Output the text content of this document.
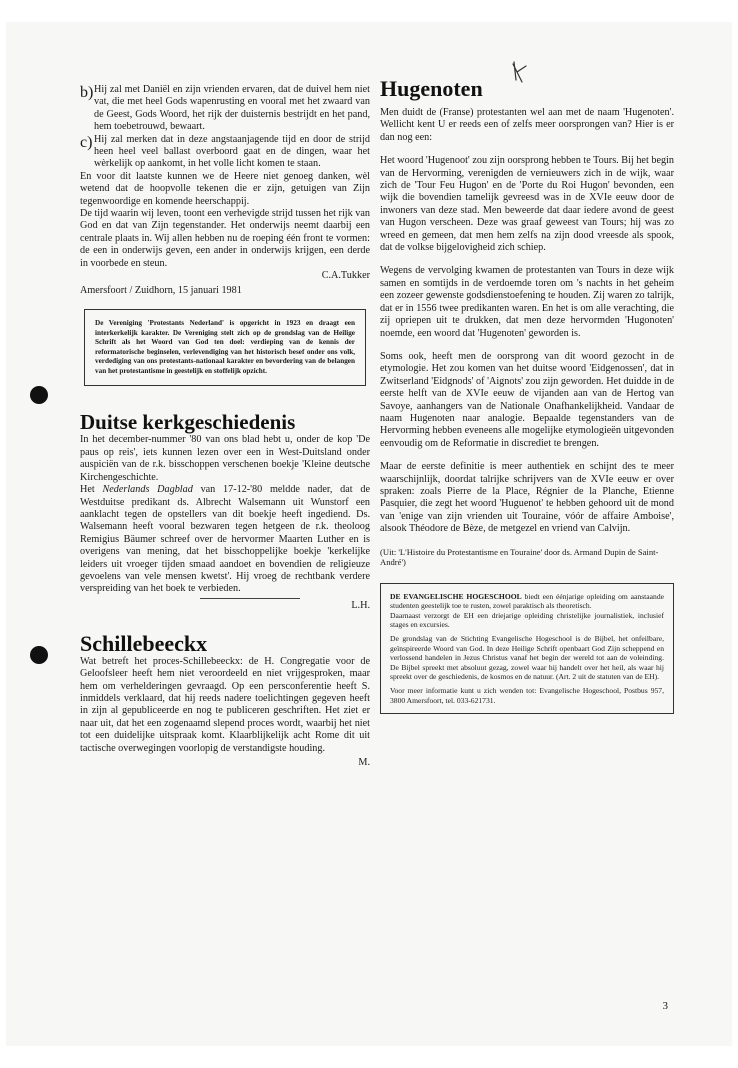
b) Hij zal met Daniël en zijn vrienden ervaren, dat de duivel hem niet vat, die met heel Gods wapenrusting en vooral met het zwaard van de Geest, Gods Woord, het rijk der duisternis bestrijdt en het pand, hem toebetrouwd, bewaart.

c) Hij zal merken dat in deze angstaanjagende tijd en door de strijd heen heel veel ballast overboord gaat en de dingen, waar het wèrkelijk op aankomt, in het volle licht komen te staan.

En voor dit laatste kunnen we de Heere niet genoeg danken, wèl wetend dat de hoopvolle tekenen die er zijn, getuigen van Zijn tegenwoordige en komende heerschappij.

De tijd waarin wij leven, toont een verhevigde strijd tussen het rijk van God en dat van Zijn tegenstander. Het onderwijs neemt daarbij een centrale plaats in. Wij allen hebben nu de roeping één front te vormen: de een in onderwijs geven, een ander in onderwijs krijgen, een derde in voorbede en steun.

C.A.Tukker
Amersfoort / Zuidhorn, 15 januari 1981

De Vereniging 'Protestants Nederland' is opgericht in 1923 en draagt een interkerkelijk karakter. De Vereniging stelt zich op de grondslag van de Heilige Schrift als het Woord van God ten doel: verdieping van de kennis der reformatorische beginselen, verlevendiging van het historisch besef onder ons volk, verdediging van ons protestants-nationaal karakter en bevordering van de belangen van het protestantisme in geestelijk en stoffelijk opzicht.

Duitse kerkgeschiedenis

In het december-nummer '80 van ons blad hebt u, onder de kop 'De paus op reis', iets kunnen lezen over een in West-Duitsland onder auspiciën van de r.k. bisschoppen verschenen boekje 'Kleine deutsche Kirchengeschichte.

Het Nederlands Dagblad van 17-12-'80 meldde nader, dat de Westduitse predikant ds. Albrecht Walsemann uit Wunstorf een aanklacht tegen de opstellers van dit boekje heeft ingediend. Ds. Walsemann heeft vooral bezwaren tegen hetgeen de r.k. theoloog Remigius Bäumer schreef over de hervormer Maarten Luther en is overigens van mening, dat het bisschoppelijke boekje 'kerkelijke leiders uit vroeger tijden smaad aandoet en bovendien de religieuze gevoelens van vele mensen kwetst'. Hij vroeg de rechtbank verdere verspreiding van het boek te verbieden.

L.H.
Schillebeeckx

Wat betreft het proces-Schillebeeckx: de H. Congregatie voor de Geloofsleer heeft hem niet veroordeeld en niet vrijgesproken, maar hem om verhelderingen gevraagd. Op een persconferentie heeft S. inmiddels verklaard, dat hij reeds nadere toelichtingen gegeven heeft in zijn al gepubliceerde en nog te publiceren geschriften. Het ziet er naar uit, dat het een zogenaamd slepend proces wordt, waarbij het niet tot een duidelijke uitspraak komt. Klaarblijkelijk acht Rome dit uit tactische overwegingen voorlopig de verstandigste houding.

M.
Hugenoten

Men duidt de (Franse) protestanten wel aan met de naam 'Hugenoten'. Wellicht kent U er reeds een of zelfs meer oorsprongen van? Hier is er dan nog een:

Het woord 'Hugenoot' zou zijn oorsprong hebben te Tours. Bij het begin van de Hervorming, verenigden de vernieuwers zich in de wijk, waar zich de 'Tour Feu Hugon' en de 'Porte du Roi Hugon' bevonden, een wijk die bovendien tamelijk gevreesd was in de XVIe eeuw door de inwoners van deze stad. Men beweerde dat daar iedere avond de geest van Hugon verscheen. Deze was graaf geweest van Tours; hij was zo wreed en gemeen, dat men hem zelfs na zijn dood vreesde als spook, dat de volkse bijgelovigheid zich schiep.

Wegens de vervolging kwamen de protestanten van Tours in deze wijk samen en somtijds in de verdoemde toren om 's nachts in het geheim een zozeer gewenste godsdienstoefening te houden. Zij waren zo talrijk, dat er in 1556 twee predikanten waren. En het is om alle verachting, die zij opriepen uit te drukken, dat men deze hervormden 'Hugonoten' noemde, een woord dat 'Hugenoten' geworden is.

Soms ook, heeft men de oorsprong van dit woord gezocht in de etymologie. Het zou komen van het duitse woord 'Eidgenossen', dat in Zwitserland 'Eidgnods' of 'Aignots' zou zijn geworden. Het duidde in de eerste helft van de XVIe eeuw de vijanden aan van de Hertog van Savoye, aanhangers van de Nationale Onafhankelijkheid. Vandaar de naam Hugenoten naar analogie. Bepaalde tegenstanders van de Hervorming hebben eveneens alle mogelijke etymologieën uitgevonden eenvoudig om de Reformatie in discrediet te brengen.

Maar de eerste definitie is meer authentiek en schijnt des te meer waarschijnlijk, doordat talrijke schrijvers van de XVIe eeuw er over spraken: zoals Pierre de la Place, Régnier de la Planche, Etienne Pasquier, die zegt het woord 'Huguenot' te hebben gehoord uit de mond van 'enige van zijn vrienden uit Touraine, vóór de affaire Amboise', alsook Théodore de Bèze, de metgezel en vriend van Calvijn.

(Uit: 'L'Histoire du Protestantisme en Touraine' door ds. Armand Dupin de Saint-André')

DE EVANGELISCHE HOGESCHOOL biedt een éénjarige opleiding om aanstaande studenten geestelijk toe te rusten, zowel paraktisch als theoretisch.
Daarnaast verzorgt de EH een driejarige opleiding christelijke journalistiek, inclusief stages en excursies.

De grondslag van de Stichting Evangelische Hogeschool is de Bijbel, het onfeilbare, geïnspireerde Woord van God. In deze Heilige Schrift openbaart God Zijn scheppend en verlossend handelen in Jezus Christus vanaf het begin der wereld tot aan de voleinding. De Bijbel spreekt met absoluut gezag, zowel waar hij handelt over het heil, als waar hij spreekt over de geschiedenis, de kosmos en de natuur. (Art. 2 uit de statuten van de EH).

Voor meer informatie kunt u zich wenden tot: Evangelische Hogeschool, Postbus 957, 3800 Amersfoort, tel. 033-621731.

3
